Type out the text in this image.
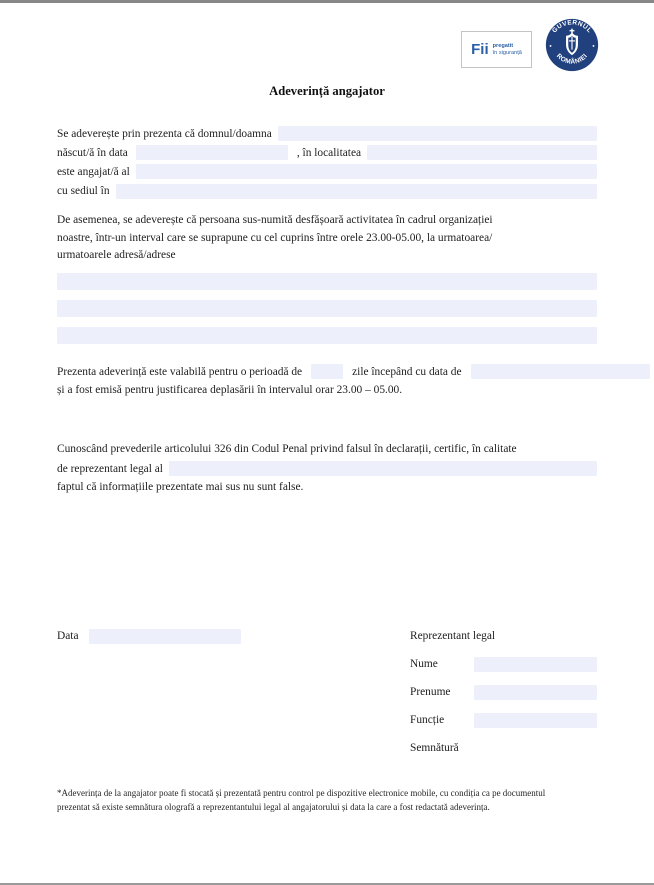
Fii pregatit
în siguranță
GUVERNUL
ROMÂNIEI
Adeverință angajator
Se adeverește prin prezenta că domnul/doamna
născut/ă în data	, în localitatea
este angajat/ă al
cu sediul în
De asemenea, se adeverește că persoana sus-numită desfășoară activitatea în cadrul organizației
noastre, într-un interval care se suprapune cu cel cuprins între orele 23.00-05.00, la urmatoarea/
urmatoarele adresă/adrese
Prezenta adeverință este valabilă pentru o perioadă de	zile începând cu data de
și a fost emisă pentru justificarea deplasării în intervalul orar 23.00 – 05.00.
Cunoscând prevederile articolului 326 din Codul Penal privind falsul în declarații, certific, în calitate
de reprezentant legal al
faptul că informațiile prezentate mai sus nu sunt false.
Data	Reprezentant legal
Nume
Prenume
Funcție
Semnătură
*Adeverința de la angajator poate fi stocată și prezentată pentru control pe dispozitive electronice mobile, cu condiția ca pe documentul prezentat să existe semnătura olografă a reprezentantului legal al angajatorului și data la care a fost redactată adeverința.
